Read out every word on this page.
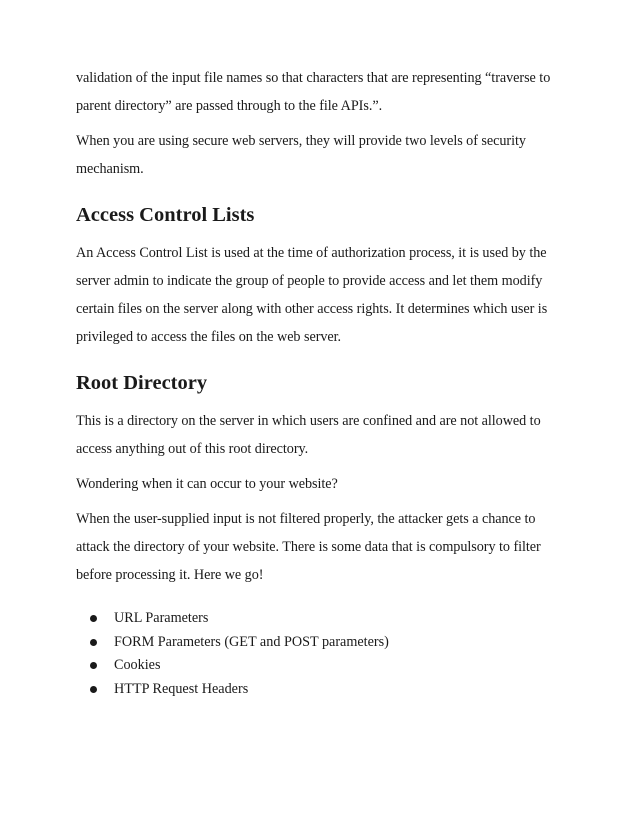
validation of the input file names so that characters that are representing “traverse to parent directory” are passed through to the file APIs.”.

When you are using secure web servers, they will provide two levels of security mechanism.

Access Control Lists

An Access Control List is used at the time of authorization process, it is used by the server admin to indicate the group of people to provide access and let them modify certain files on the server along with other access rights. It determines which user is privileged to access the files on the web server.

Root Directory

This is a directory on the server in which users are confined and are not allowed to access anything out of this root directory.

Wondering when it can occur to your website?

When the user-supplied input is not filtered properly, the attacker gets a chance to attack the directory of your website. There is some data that is compulsory to filter before processing it. Here we go!

URL Parameters
FORM Parameters (GET and POST parameters)
Cookies
HTTP Request Headers
